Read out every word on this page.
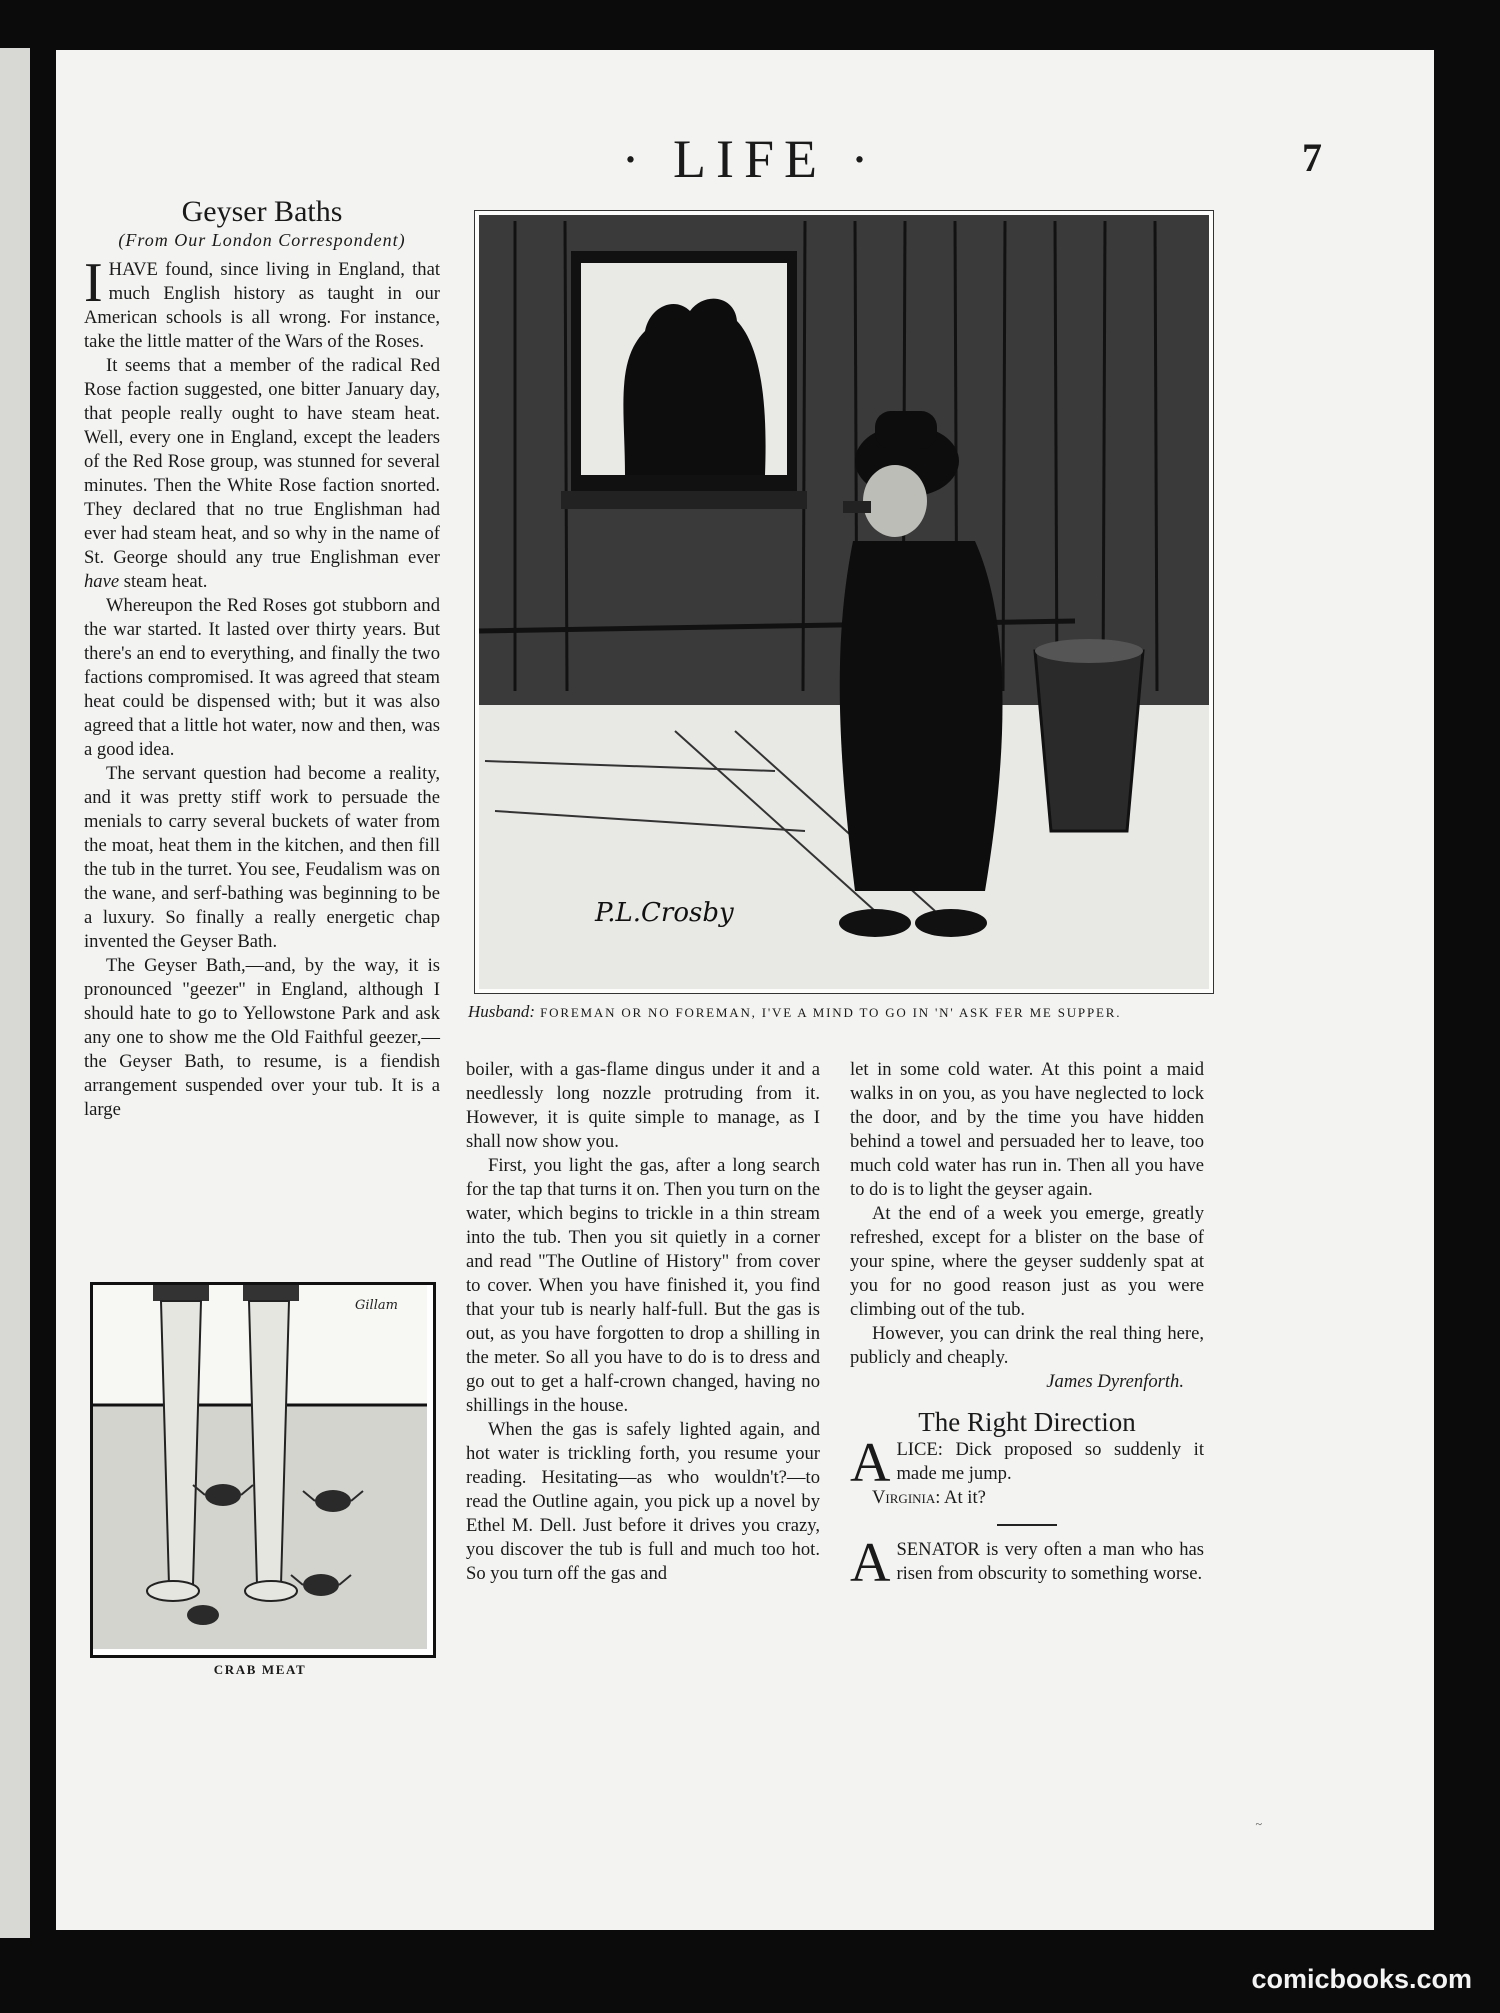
· LIFE ·	7
Geyser Baths
(From Our London Correspondent)

IHAVE found, since living in England, that much English history as taught in our American schools is all wrong. For instance, take the little matter of the Wars of the Roses.

It seems that a member of the radical Red Rose faction suggested, one bitter January day, that people really ought to have steam heat. Well, every one in England, except the leaders of the Red Rose group, was stunned for several minutes. Then the White Rose faction snorted. They declared that no true Englishman had ever had steam heat, and so why in the name of St. George should any true Englishman ever have steam heat.

Whereupon the Red Roses got stubborn and the war started. It lasted over thirty years. But there's an end to everything, and finally the two factions compromised. It was agreed that steam heat could be dispensed with; but it was also agreed that a little hot water, now and then, was a good idea.

The servant question had become a reality, and it was pretty stiff work to persuade the menials to carry several buckets of water from the moat, heat them in the kitchen, and then fill the tub in the turret. You see, Feudalism was on the wane, and serf-bathing was beginning to be a luxury. So finally a really energetic chap invented the Geyser Bath.

The Geyser Bath,—and, by the way, it is pronounced "geezer" in England, although I should hate to go to Yellowstone Park and ask any one to show me the Old Faithful geezer,—the Geyser Bath, to resume, is a fiendish arrangement suspended over your tub. It is a large

P.L.Crosby
Husband: FOREMAN OR NO FOREMAN, I'VE A MIND TO GO IN 'N' ASK FER ME SUPPER.

boiler, with a gas-flame dingus under it and a needlessly long nozzle protruding from it. However, it is quite simple to manage, as I shall now show you.

First, you light the gas, after a long search for the tap that turns it on. Then you turn on the water, which begins to trickle in a thin stream into the tub. Then you sit quietly in a corner and read "The Outline of History" from cover to cover. When you have finished it, you find that your tub is nearly half-full. But the gas is out, as you have forgotten to drop a shilling in the meter. So all you have to do is to dress and go out to get a half-crown changed, having no shillings in the house.

When the gas is safely lighted again, and hot water is trickling forth, you resume your reading. Hesitating—as who wouldn't?—to read the Outline again, you pick up a novel by Ethel M. Dell. Just before it drives you crazy, you discover the tub is full and much too hot. So you turn off the gas and

let in some cold water. At this point a maid walks in on you, as you have neglected to lock the door, and by the time you have hidden behind a towel and persuaded her to leave, too much cold water has run in. Then all you have to do is to light the geyser again.

At the end of a week you emerge, greatly refreshed, except for a blister on the base of your spine, where the geyser suddenly spat at you for no good reason just as you were climbing out of the tub.

However, you can drink the real thing here, publicly and cheaply.

James Dyrenforth.
The Right Direction

ALICE: Dick proposed so suddenly it made me jump.

Virginia: At it?

ASENATOR is very often a man who has risen from obscurity to something worse.

Gillam
CRAB MEAT
~
comicbooks.com
